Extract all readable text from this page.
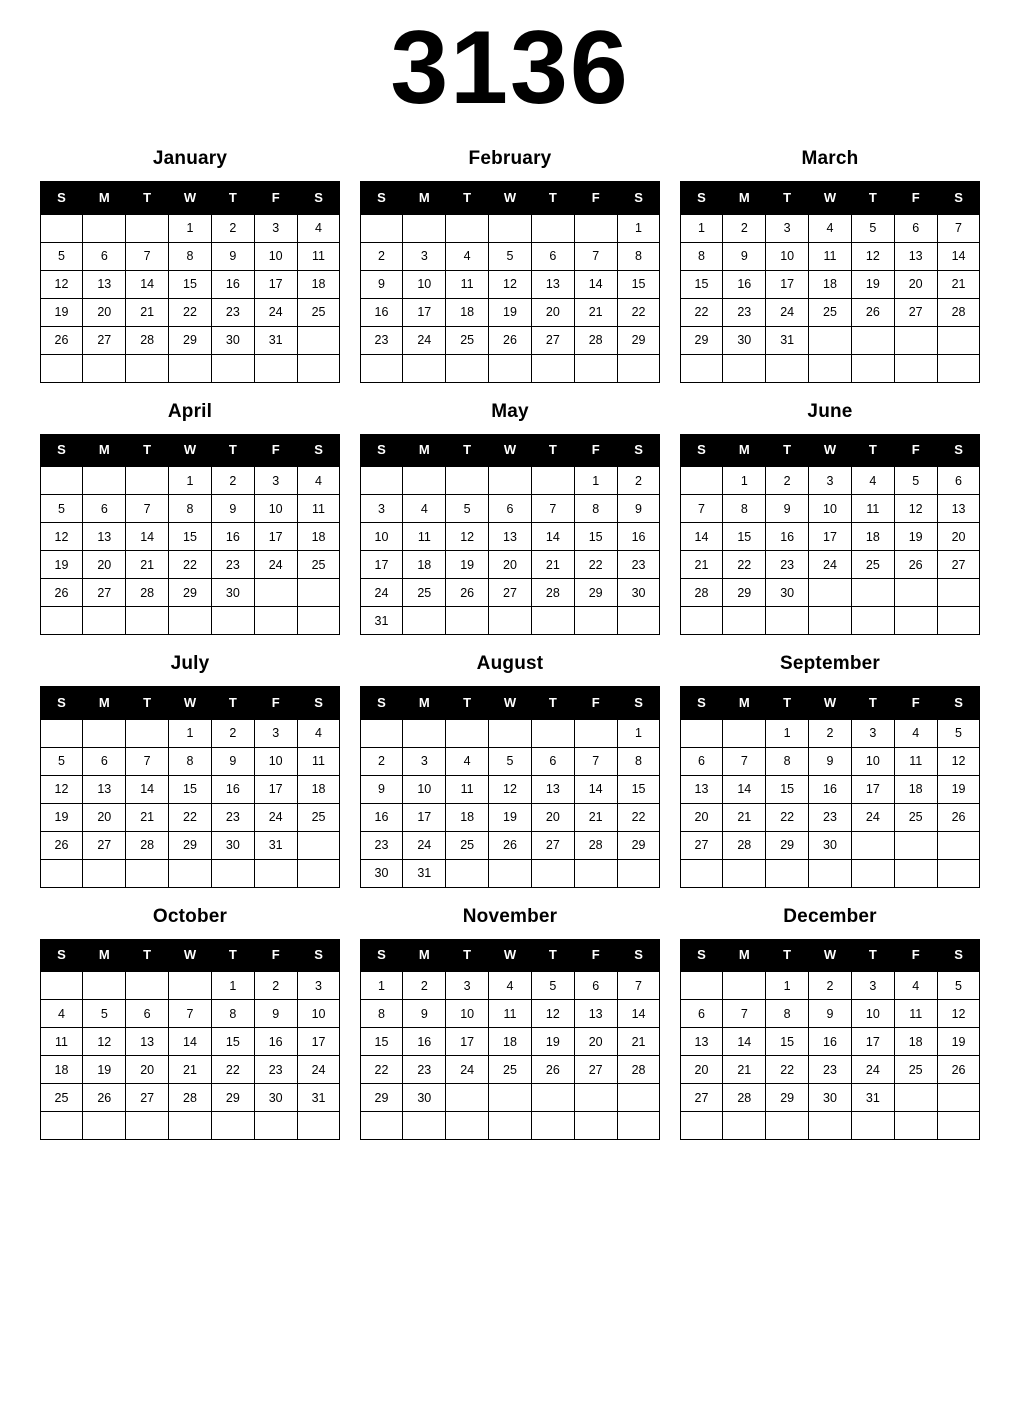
3136
January
S	M	T	W	T	F	S
			1	2	3	4
5	6	7	8	9	10	11
12	13	14	15	16	17	18
19	20	21	22	23	24	25
26	27	28	29	30	31	

February
S	M	T	W	T	F	S
						1
2	3	4	5	6	7	8
9	10	11	12	13	14	15
16	17	18	19	20	21	22
23	24	25	26	27	28	29

March
S	M	T	W	T	F	S
1	2	3	4	5	6	7
8	9	10	11	12	13	14
15	16	17	18	19	20	21
22	23	24	25	26	27	28
29	30	31				

April
S	M	T	W	T	F	S
			1	2	3	4
5	6	7	8	9	10	11
12	13	14	15	16	17	18
19	20	21	22	23	24	25
26	27	28	29	30		

May
S	M	T	W	T	F	S
					1	2
3	4	5	6	7	8	9
10	11	12	13	14	15	16
17	18	19	20	21	22	23
24	25	26	27	28	29	30
31						
June
S	M	T	W	T	F	S
	1	2	3	4	5	6
7	8	9	10	11	12	13
14	15	16	17	18	19	20
21	22	23	24	25	26	27
28	29	30				

July
S	M	T	W	T	F	S
			1	2	3	4
5	6	7	8	9	10	11
12	13	14	15	16	17	18
19	20	21	22	23	24	25
26	27	28	29	30	31	

August
S	M	T	W	T	F	S
						1
2	3	4	5	6	7	8
9	10	11	12	13	14	15
16	17	18	19	20	21	22
23	24	25	26	27	28	29
30	31					
September
S	M	T	W	T	F	S
		1	2	3	4	5
6	7	8	9	10	11	12
13	14	15	16	17	18	19
20	21	22	23	24	25	26
27	28	29	30			

October
S	M	T	W	T	F	S
				1	2	3
4	5	6	7	8	9	10
11	12	13	14	15	16	17
18	19	20	21	22	23	24
25	26	27	28	29	30	31

November
S	M	T	W	T	F	S
1	2	3	4	5	6	7
8	9	10	11	12	13	14
15	16	17	18	19	20	21
22	23	24	25	26	27	28
29	30					

December
S	M	T	W	T	F	S
		1	2	3	4	5
6	7	8	9	10	11	12
13	14	15	16	17	18	19
20	21	22	23	24	25	26
27	28	29	30	31		
